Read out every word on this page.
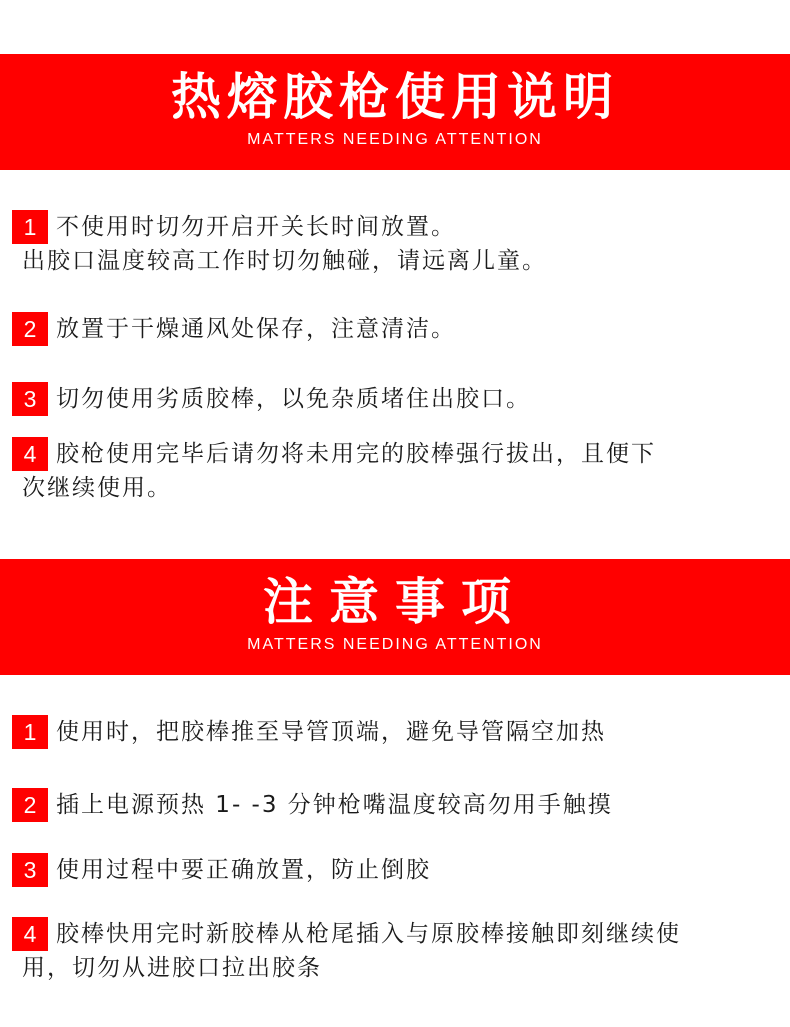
热熔胶枪使用说明
MATTERS NEEDING ATTENTION
1 不使用时切勿开启开关长时间放置。
出胶口温度较高工作时切勿触碰，请远离儿童。
2 放置于干燥通风处保存，注意清洁。
3 切勿使用劣质胶棒，以免杂质堵住出胶口。
4 胶枪使用完毕后请勿将未用完的胶棒强行拔出，且便下
次继续使用。
注意事项
MATTERS NEEDING ATTENTION
1 使用时，把胶棒推至导管顶端，避免导管隔空加热
2 插上电源预热 1- -3 分钟枪嘴温度较高勿用手触摸
3 使用过程中要正确放置，防止倒胶
4 胶棒快用完时新胶棒从枪尾插入与原胶棒接触即刻继续使
用，切勿从进胶口拉出胶条
